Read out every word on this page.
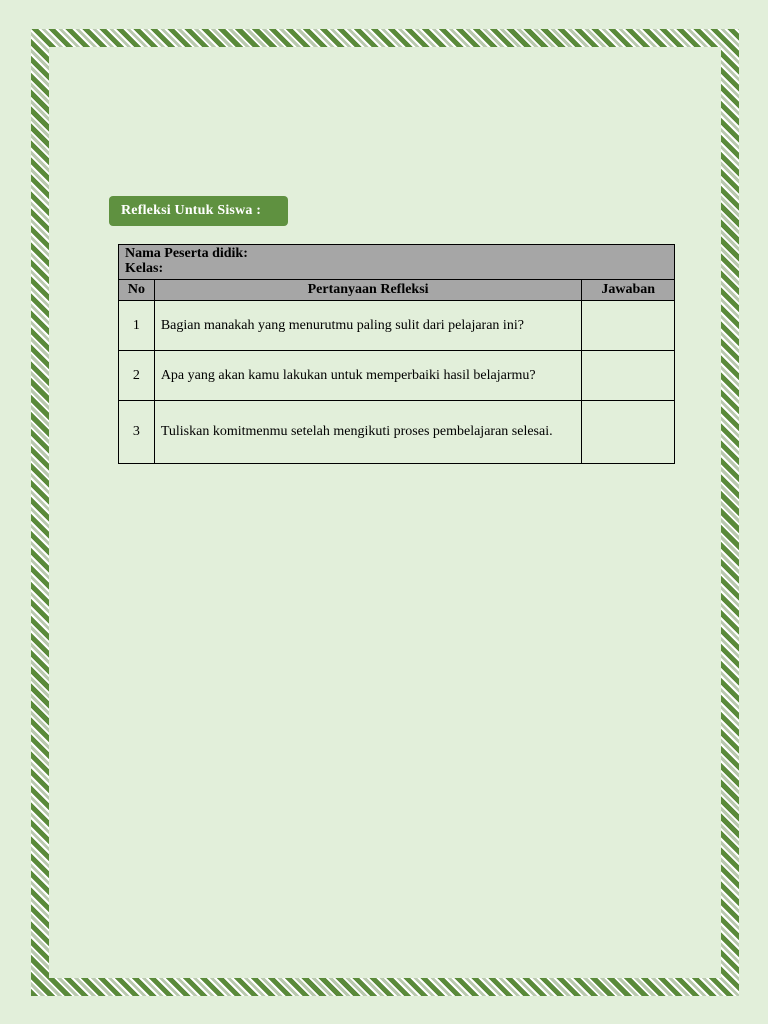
Refleksi Untuk Siswa :
Nama Peserta didik:
Kelas:		

No	Pertanyaan Refleksi	Jawaban
1	Bagian manakah yang menurutmu paling sulit dari pelajaran ini?	
2	Apa yang akan kamu lakukan untuk memperbaiki hasil belajarmu?	
3	Tuliskan komitmenmu setelah mengikuti proses pembelajaran selesai.	
